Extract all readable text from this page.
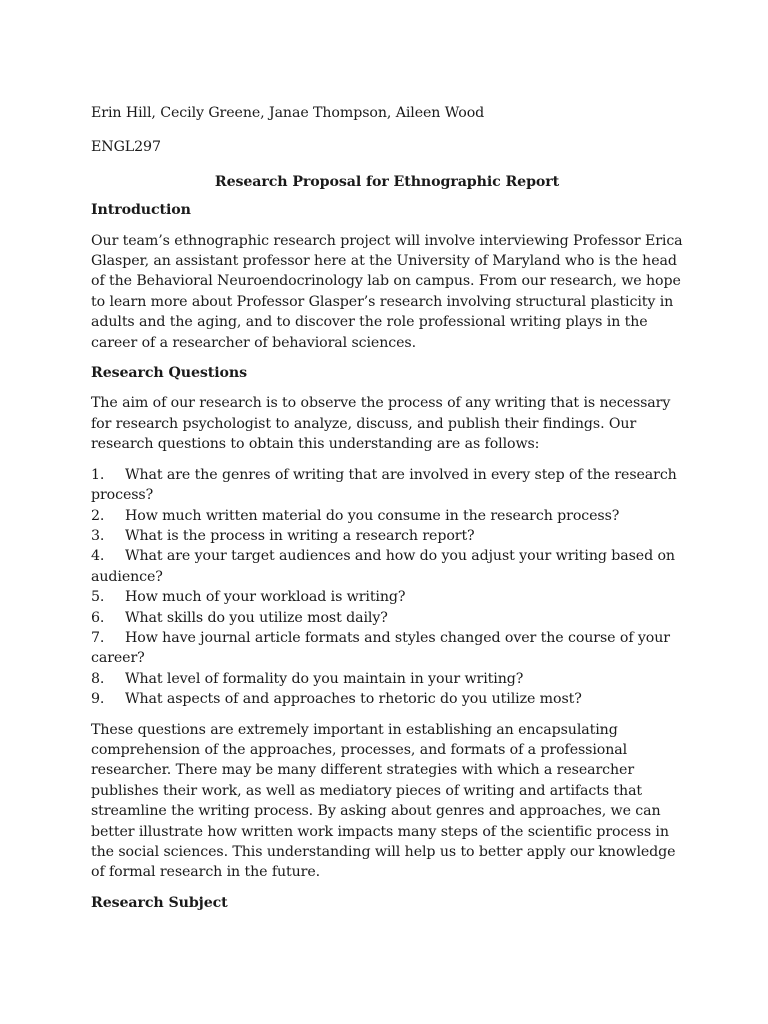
Erin Hill, Cecily Greene, Janae Thompson, Aileen Wood

ENGL297

Research Proposal for Ethnographic Report

Introduction

Our team’s ethnographic research project will involve interviewing Professor Erica Glasper, an assistant professor here at the University of Maryland who is the head of the Behavioral Neuroendocrinology lab on campus. From our research, we hope to learn more about Professor Glasper’s research involving structural plasticity in adults and the aging, and to discover the role professional writing plays in the career of a researcher of behavioral sciences.

Research Questions

The aim of our research is to observe the process of any writing that is necessary for research psychologist to analyze, discuss, and publish their findings. Our research questions to obtain this understanding are as follows:

1. What are the genres of writing that are involved in every step of the research process?
2. How much written material do you consume in the research process?
3. What is the process in writing a research report?
4. What are your target audiences and how do you adjust your writing based on audience?
5. How much of your workload is writing?
6. What skills do you utilize most daily?
7. How have journal article formats and styles changed over the course of your career?
8. What level of formality do you maintain in your writing?
9. What aspects of and approaches to rhetoric do you utilize most?

These questions are extremely important in establishing an encapsulating comprehension of the approaches, processes, and formats of a professional researcher. There may be many different strategies with which a researcher publishes their work, as well as mediatory pieces of writing and artifacts that streamline the writing process. By asking about genres and approaches, we can better illustrate how written work impacts many steps of the scientific process in the social sciences. This understanding will help us to better apply our knowledge of formal research in the future.

Research Subject
